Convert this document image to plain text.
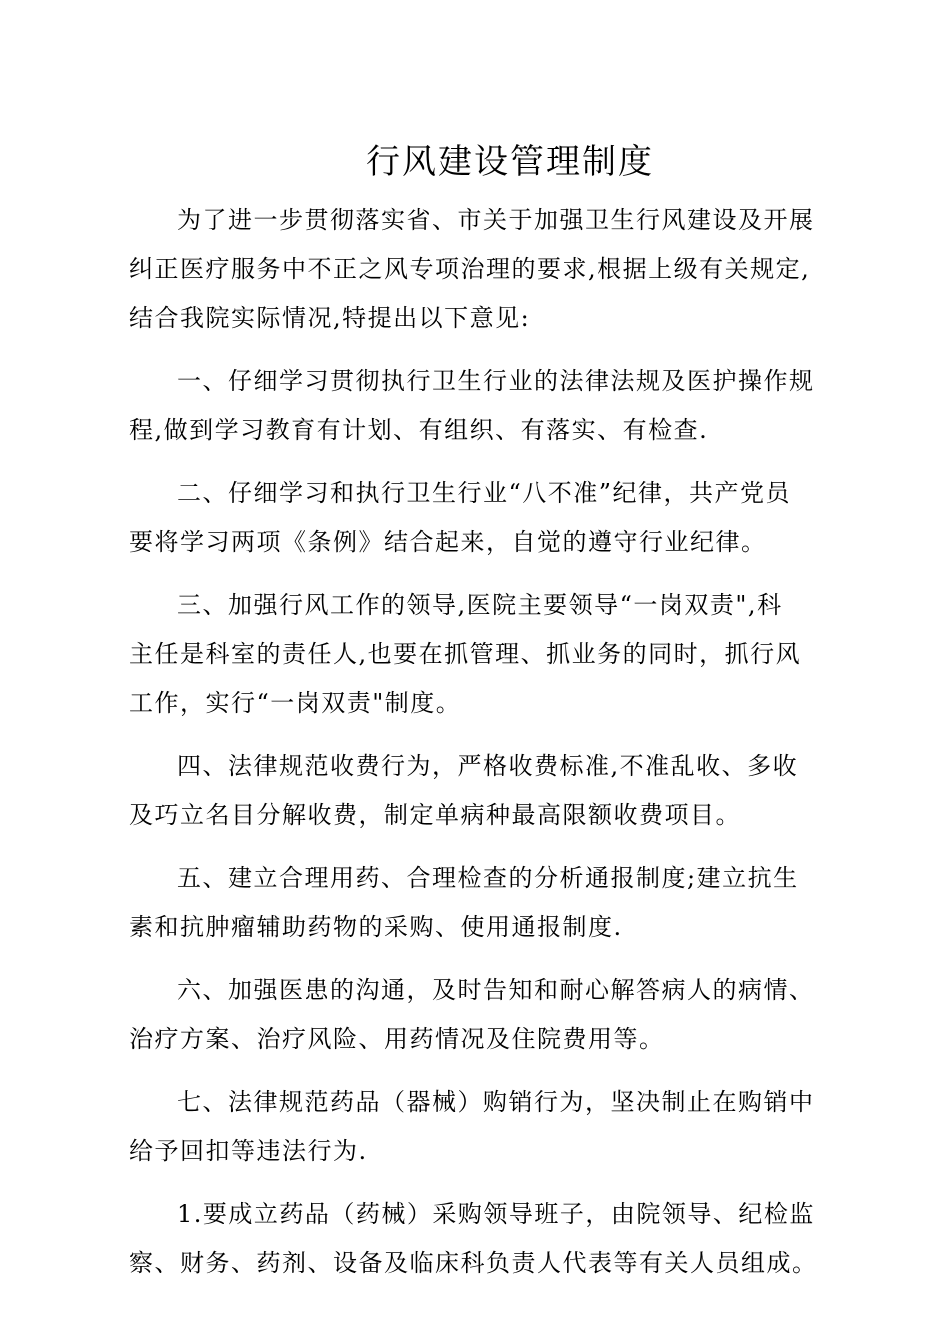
行风建设管理制度
为了进一步贯彻落实省、市关于加强卫生行风建设及开展
纠正医疗服务中不正之风专项治理的要求,根据上级有关规定,
结合我院实际情况,特提出以下意见:
一、仔细学习贯彻执行卫生行业的法律法规及医护操作规
程,做到学习教育有计划、有组织、有落实、有检查.
二、仔细学习和执行卫生行业“八不准”纪律，共产党员
要将学习两项《条例》结合起来，自觉的遵守行业纪律。
三、加强行风工作的领导,医院主要领导“一岗双责",科
主任是科室的责任人,也要在抓管理、抓业务的同时，抓行风
工作，实行“一岗双责"制度。
四、法律规范收费行为，严格收费标准,不准乱收、多收
及巧立名目分解收费，制定单病种最高限额收费项目。
五、建立合理用药、合理检查的分析通报制度;建立抗生
素和抗肿瘤辅助药物的采购、使用通报制度.
六、加强医患的沟通，及时告知和耐心解答病人的病情、
治疗方案、治疗风险、用药情况及住院费用等。
七、法律规范药品（器械）购销行为，坚决制止在购销中
给予回扣等违法行为.
1.要成立药品（药械）采购领导班子，由院领导、纪检监
察、财务、药剂、设备及临床科负责人代表等有关人员组成。
